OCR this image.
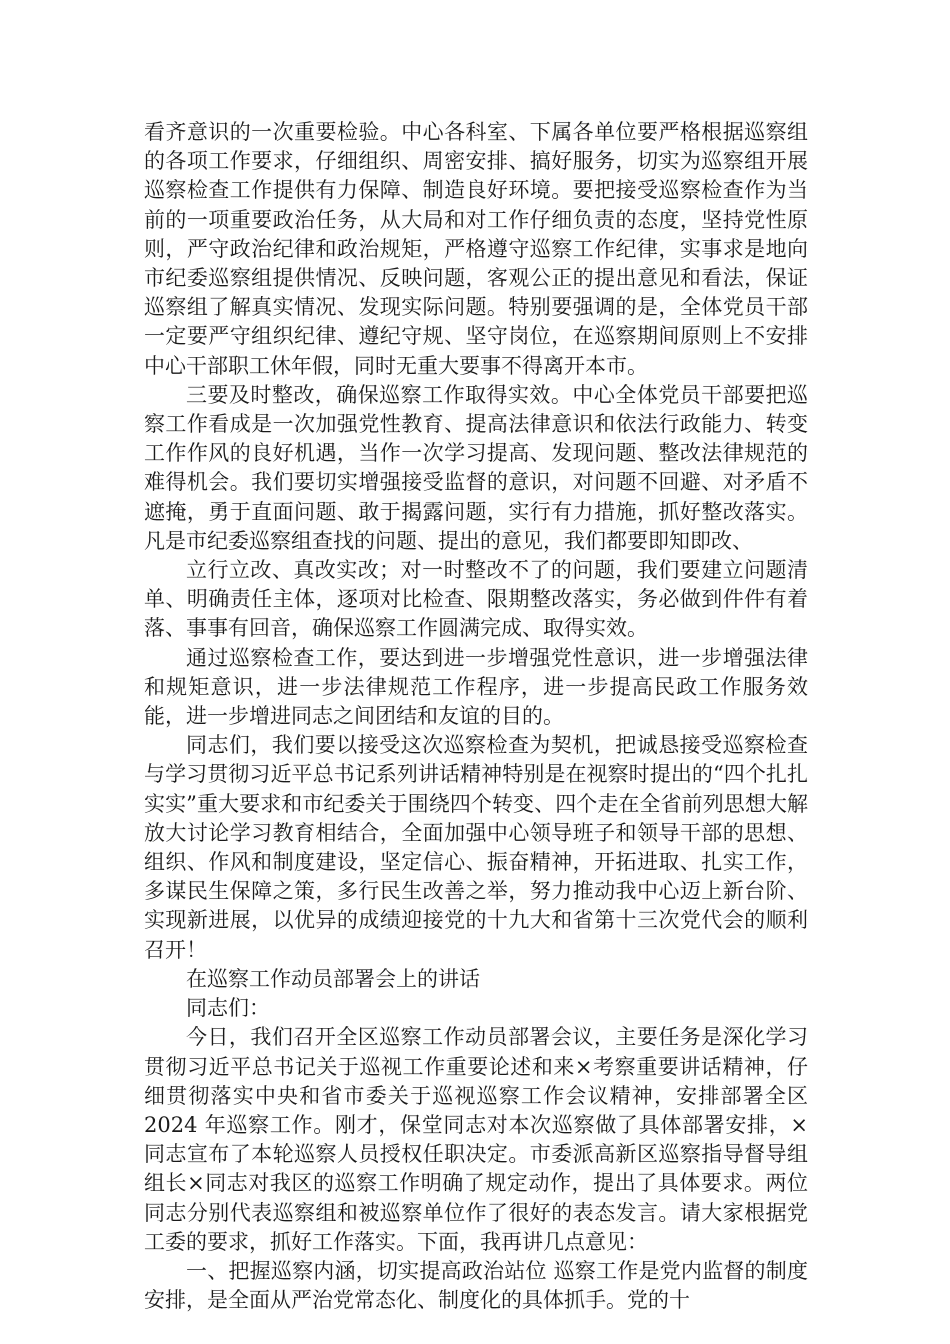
看齐意识的一次重要检验。中心各科室、下属各单位要严格根据巡察组的各项工作要求，仔细组织、周密安排、搞好服务，切实为巡察组开展巡察检查工作提供有力保障、制造良好环境。要把接受巡察检查作为当前的一项重要政治任务，从大局和对工作仔细负责的态度，坚持党性原则，严守政治纪律和政治规矩，严格遵守巡察工作纪律，实事求是地向市纪委巡察组提供情况、反映问题，客观公正的提出意见和看法，保证巡察组了解真实情况、发现实际问题。特别要强调的是，全体党员干部一定要严守组织纪律、遵纪守规、坚守岗位，在巡察期间原则上不安排中心干部职工休年假，同时无重大要事不得离开本市。

三要及时整改，确保巡察工作取得实效。中心全体党员干部要把巡察工作看成是一次加强党性教育、提高法律意识和依法行政能力、转变工作作风的良好机遇，当作一次学习提高、发现问题、整改法律规范的难得机会。我们要切实增强接受监督的意识，对问题不回避、对矛盾不遮掩，勇于直面问题、敢于揭露问题，实行有力措施，抓好整改落实。凡是市纪委巡察组查找的问题、提出的意见，我们都要即知即改、

立行立改、真改实改；对一时整改不了的问题，我们要建立问题清单、明确责任主体，逐项对比检查、限期整改落实，务必做到件件有着落、事事有回音，确保巡察工作圆满完成、取得实效。

通过巡察检查工作，要达到进一步增强党性意识，进一步增强法律和规矩意识，进一步法律规范工作程序，进一步提高民政工作服务效能，进一步增进同志之间团结和友谊的目的。

同志们，我们要以接受这次巡察检查为契机，把诚恳接受巡察检查与学习贯彻习近平总书记系列讲话精神特别是在视察时提出的“四个扎扎实实”重大要求和市纪委关于围绕四个转变、四个走在全省前列思想大解放大讨论学习教育相结合，全面加强中心领导班子和领导干部的思想、组织、作风和制度建设，坚定信心、振奋精神，开拓进取、扎实工作，多谋民生保障之策，多行民生改善之举，努力推动我中心迈上新台阶、实现新进展，以优异的成绩迎接党的十九大和省第十三次党代会的顺利召开！

在巡察工作动员部署会上的讲话

同志们：

今日，我们召开全区巡察工作动员部署会议，主要任务是深化学习贯彻习近平总书记关于巡视工作重要论述和来×考察重要讲话精神，仔细贯彻落实中央和省市委关于巡视巡察工作会议精神，安排部署全区 2024 年巡察工作。刚才，保堂同志对本次巡察做了具体部署安排，×同志宣布了本轮巡察人员授权任职决定。市委派高新区巡察指导督导组组长×同志对我区的巡察工作明确了规定动作，提出了具体要求。两位同志分别代表巡察组和被巡察单位作了很好的表态发言。请大家根据党工委的要求，抓好工作落实。下面，我再讲几点意见：

一、把握巡察内涵，切实提高政治站位 巡察工作是党内监督的制度安排，是全面从严治党常态化、制度化的具体抓手。党的十
